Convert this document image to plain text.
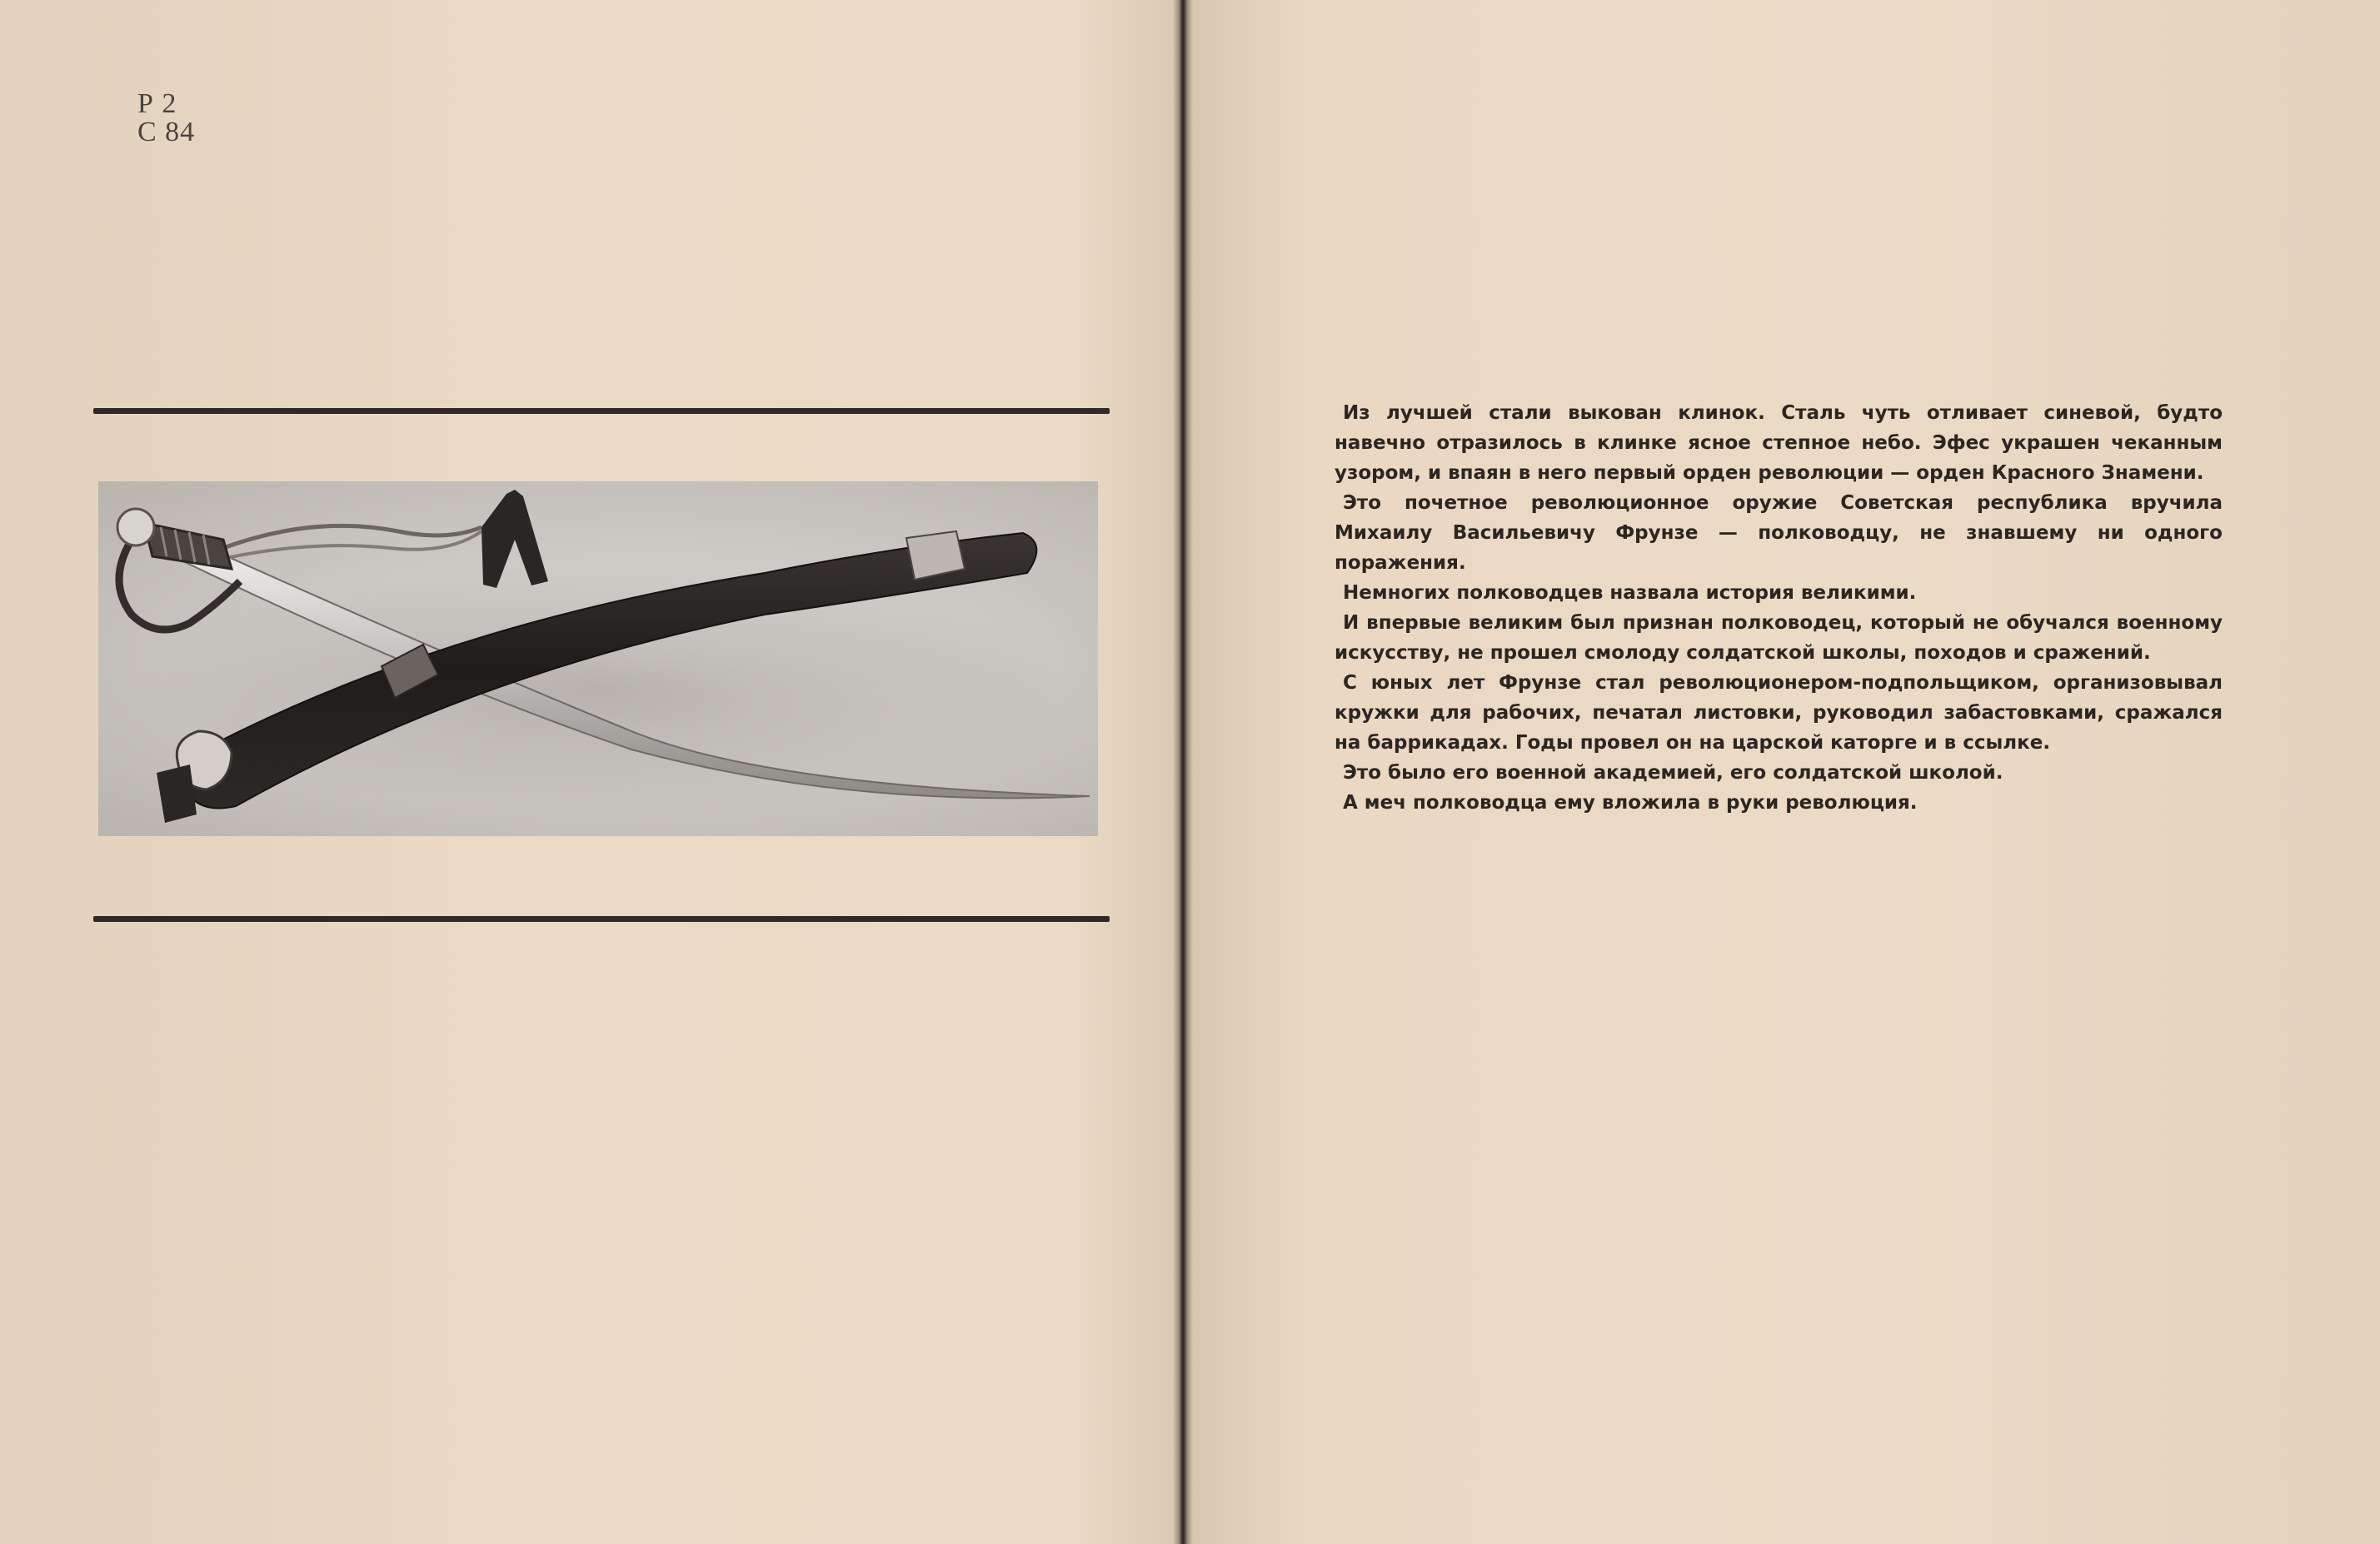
Р 2
С 84

Из лучшей стали выкован клинок. Сталь чуть отливает синевой, будто навечно отразилось в клинке ясное степное небо. Эфес украшен чеканным узором, и впаян в него первый орден революции — орден Красного Знамени.

Это почетное революционное оружие Советская республика вручила Михаилу Васильевичу Фрунзе — полководцу, не знавшему ни одного поражения.

Немногих полководцев назвала история великими.

И впервые великим был признан полководец, который не обучался военному искусству, не прошел смолоду солдатской школы, походов и сражений.

С юных лет Фрунзе стал революционером-подпольщиком, организовывал кружки для рабочих, печатал листовки, руководил забастовками, сражался на баррикадах. Годы провел он на царской каторге и в ссылке.

Это было его военной академией, его солдатской школой.

А меч полководца ему вложила в руки революция.
